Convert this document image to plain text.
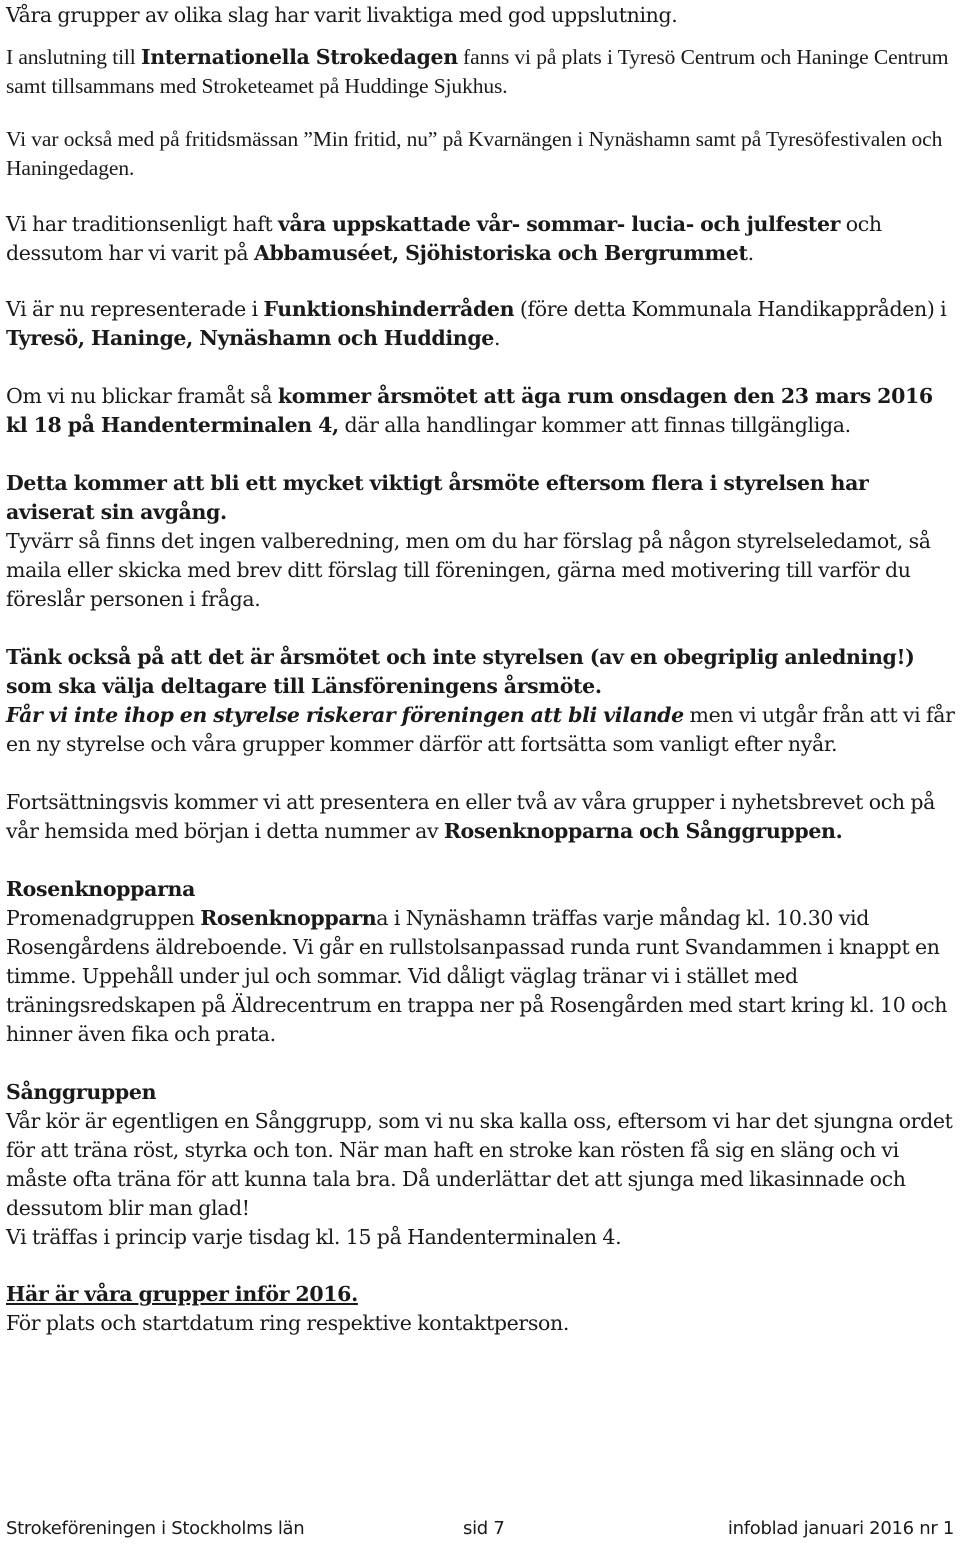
Våra grupper av olika slag har varit livaktiga med god uppslutning.

I anslutning till Internationella Strokedagen fanns vi på plats i Tyresö Centrum och Haninge Centrum samt tillsammans med Stroketeamet på Huddinge Sjukhus.

Vi var också med på fritidsmässan ”Min fritid, nu” på Kvarnängen i Nynäshamn samt på Tyresöfestivalen och Haningedagen.

Vi har traditionsenligt haft våra uppskattade vår- sommar- lucia- och julfester och dessutom har vi varit på Abbamuséet, Sjöhistoriska och Bergrummet.

Vi är nu representerade i Funktionshinderråden (före detta Kommunala Handikappråden) i Tyresö, Haninge, Nynäshamn och Huddinge.

Om vi nu blickar framåt så kommer årsmötet att äga rum onsdagen den 23 mars 2016 kl 18 på Handenterminalen 4, där alla handlingar kommer att finnas tillgängliga.

Detta kommer att bli ett mycket viktigt årsmöte eftersom flera i styrelsen har aviserat sin avgång.

Tyvärr så finns det ingen valberedning, men om du har förslag på någon styrelseledamot, så maila eller skicka med brev ditt förslag till föreningen, gärna med motivering till varför du föreslår personen i fråga.

Tänk också på att det är årsmötet och inte styrelsen (av en obegriplig anledning!) som ska välja deltagare till Länsföreningens årsmöte.

Får vi inte ihop en styrelse riskerar föreningen att bli vilande men vi utgår från att vi får en ny styrelse och våra grupper kommer därför att fortsätta som vanligt efter nyår.

Fortsättningsvis kommer vi att presentera en eller två av våra grupper i nyhetsbrevet och på vår hemsida med början i detta nummer av Rosenknopparna och Sånggruppen.

Rosenknopparna

Promenadgruppen Rosenknopparna i Nynäshamn träffas varje måndag kl. 10.30 vid Rosengårdens äldreboende. Vi går en rullstolsanpassad runda runt Svandammen i knappt en timme. Uppehåll under jul och sommar. Vid dåligt väglag tränar vi i stället med träningsredskapen på Äldrecentrum en trappa ner på Rosengården med start kring kl. 10 och hinner även fika och prata.

Sånggruppen

Vår kör är egentligen en Sånggrupp, som vi nu ska kalla oss, eftersom vi har det sjungna ordet för att träna röst, styrka och ton. När man haft en stroke kan rösten få sig en släng och vi måste ofta träna för att kunna tala bra. Då underlättar det att sjunga med likasinnade och dessutom blir man glad!

Vi träffas i princip varje tisdag kl. 15 på Handenterminalen 4.

Här är våra grupper inför 2016.

För plats och startdatum ring respektive kontaktperson.

Strokeföreningen i Stockholms län	sid 7	infoblad januari 2016 nr 1
